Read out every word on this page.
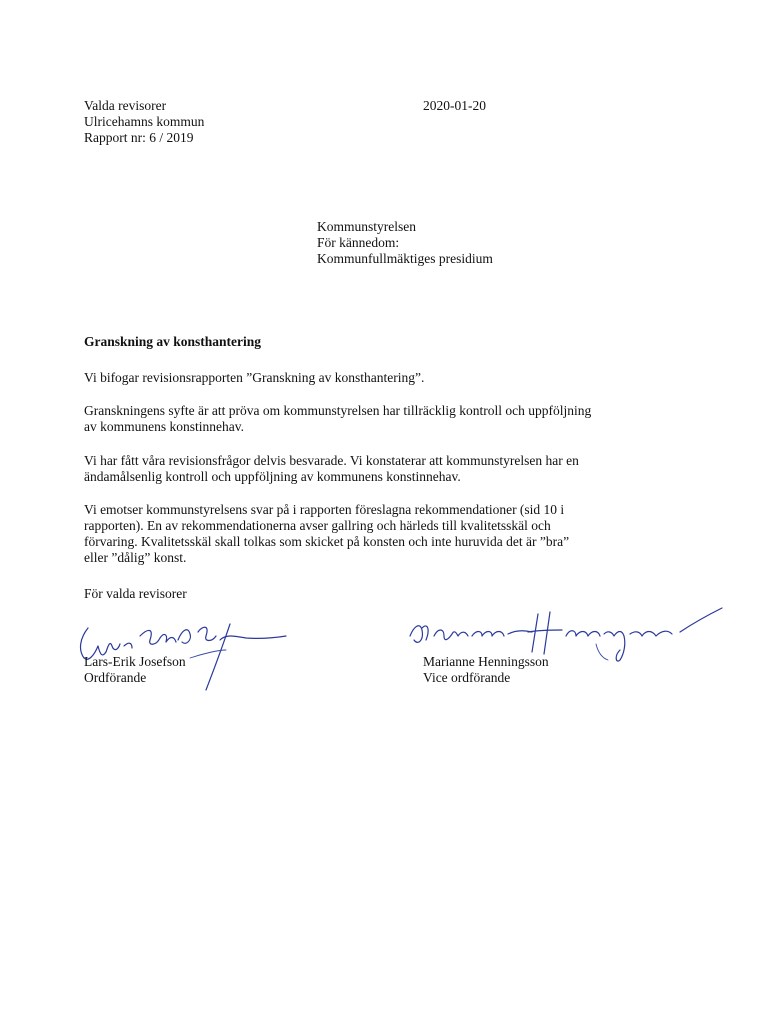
Valda revisorer
Ulricehamns kommun
Rapport nr: 6 / 2019
2020-01-20
Kommunstyrelsen
För kännedom:
Kommunfullmäktiges presidium
Granskning av konsthantering
Vi bifogar revisionsrapporten ”Granskning av konsthantering”.
Granskningens syfte är att pröva om kommunstyrelsen har tillräcklig kontroll och uppföljning
av kommunens konstinnehav.
Vi har fått våra revisionsfrågor delvis besvarade. Vi konstaterar att kommunstyrelsen har en
ändamålsenlig kontroll och uppföljning av kommunens konstinnehav.
Vi emotser kommunstyrelsens svar på i rapporten föreslagna rekommendationer (sid 10 i
rapporten). En av rekommendationerna avser gallring och härleds till kvalitetsskäl och
förvaring. Kvalitetsskäl skall tolkas som skicket på konsten och inte huruvida det är ”bra”
eller ”dålig” konst.
För valda revisorer
Lars-Erik Josefson
Ordförande
Marianne Henningsson
Vice ordförande
